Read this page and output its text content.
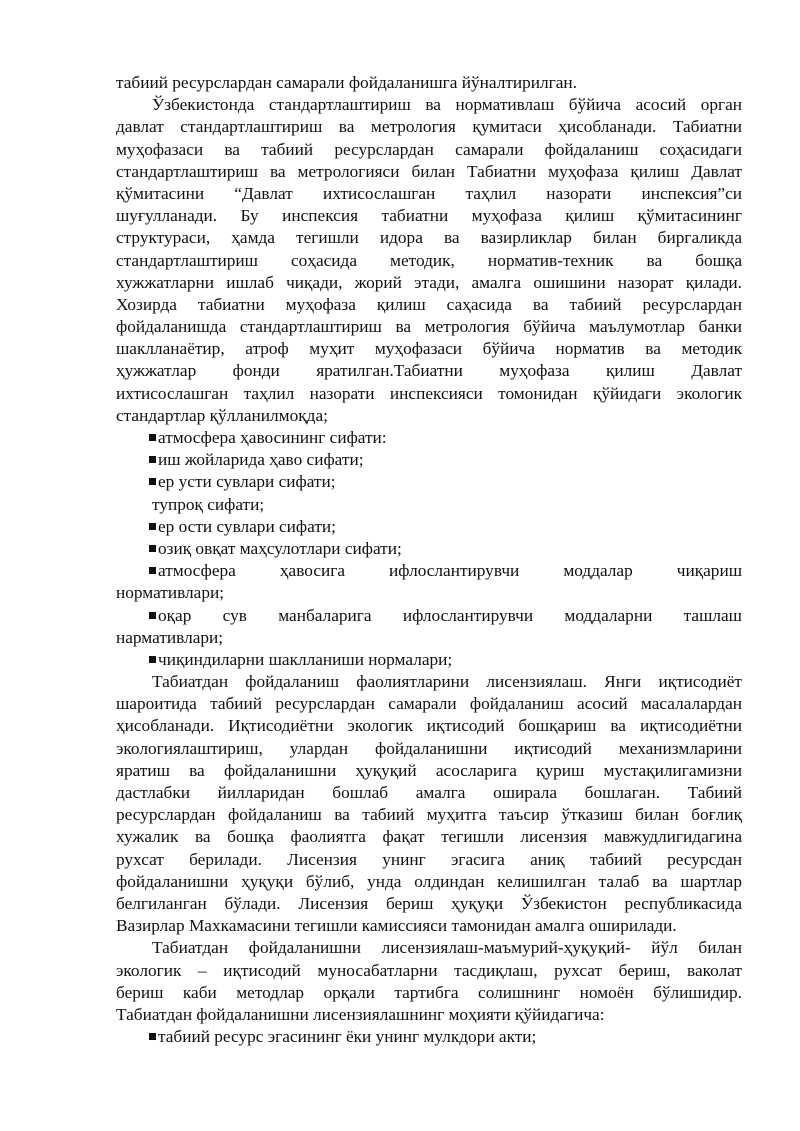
табиий ресурслардан самарали фойдаланишга йўналтирилган.
Ўзбекистонда стандартлаштириш ва нормативлаш бўйича асосий орган
давлат стандартлаштириш ва метрология қумитаси ҳисобланади. Табиатни
муҳофазаси ва табиий ресурслардан самарали фойдаланиш соҳасидаги
стандартлаштириш ва метрологияси билан Табиатни муҳофаза қилиш Давлат
қўмитасини “Давлат ихтисослашган таҳлил назорати инспексия”си
шуғулланади. Бу инспексия табиатни муҳофаза қилиш қўмитасининг
структураси, ҳамда тегишли идора ва вазирликлар билан биргаликда
стандартлаштириш соҳасида методик, норматив-техник ва бошқа
хужжатларни ишлаб чиқади, жорий этади, амалга ошишини назорат қилади.
Хозирда табиатни муҳофаза қилиш саҳасида ва табиий ресурслардан
фойдаланишда стандартлаштириш ва метрология бўйича маълумотлар банки
шаклланаётир, атроф муҳит муҳофазаси бўйича норматив ва методик
ҳужжатлар фонди яратилган.Табиатни муҳофаза қилиш Давлат
ихтисослашган таҳлил назорати инспексияси томонидан қўйидаги экологик
стандартлар қўлланилмоқда;
атмосфера ҳавосининг сифати:
иш жойларида ҳаво сифати;
ер усти сувлари сифати;
тупроқ сифати;
ер ости сувлари сифати;
озиқ овқат маҳсулотлари сифати;
атмосфера ҳавосига ифлослантирувчи моддалар чиқариш
нормативлари;
оқар сув манбаларига ифлослантирувчи моддаларни ташлаш
нармативлари;
чиқиндиларни шаклланиши нормалари;
Табиатдан фойдаланиш фаолиятларини лисензиялаш. Янги иқтисодиёт
шароитида табиий ресурслардан самарали фойдаланиш асосий масалалардан
ҳисобланади. Иқтисодиётни экологик иқтисодий бошқариш ва иқтисодиётни
экологиялаштириш, улардан фойдаланишни иқтисодий механизмларини
яратиш ва фойдаланишни ҳуқуқий асосларига қуриш мустақилигамизни
дастлабки йилларидан бошлаб амалга оширала бошлаган. Табиий
ресурслардан фойдаланиш ва табиий муҳитга таъсир ўтказиш билан боғлиқ
хужалик ва бошқа фаолиятга фақат тегишли лисензия мавжудлигидагина
рухсат берилади. Лисензия унинг эгасига аниқ табиий ресурсдан
фойдаланишни ҳуқуқи бўлиб, унда олдиндан келишилган талаб ва шартлар
белгиланган бўлади. Лисензия бериш ҳуқуқи Ўзбекистон республикасида
Вазирлар Махкамасини тегишли камиссияси тамонидан амалга оширилади.
Табиатдан фойдаланишни лисензиялаш-маъмурий-ҳуқуқий- йўл билан
экологик – иқтисодий муносабатларни тасдиқлаш, рухсат бериш, ваколат
бериш каби методлар орқали тартибга солишнинг номоён бўлишидир.
Табиатдан фойдаланишни лисензиялашнинг моҳияти қўйидагича:
табиий ресурс эгасининг ёки унинг мулкдори акти;
